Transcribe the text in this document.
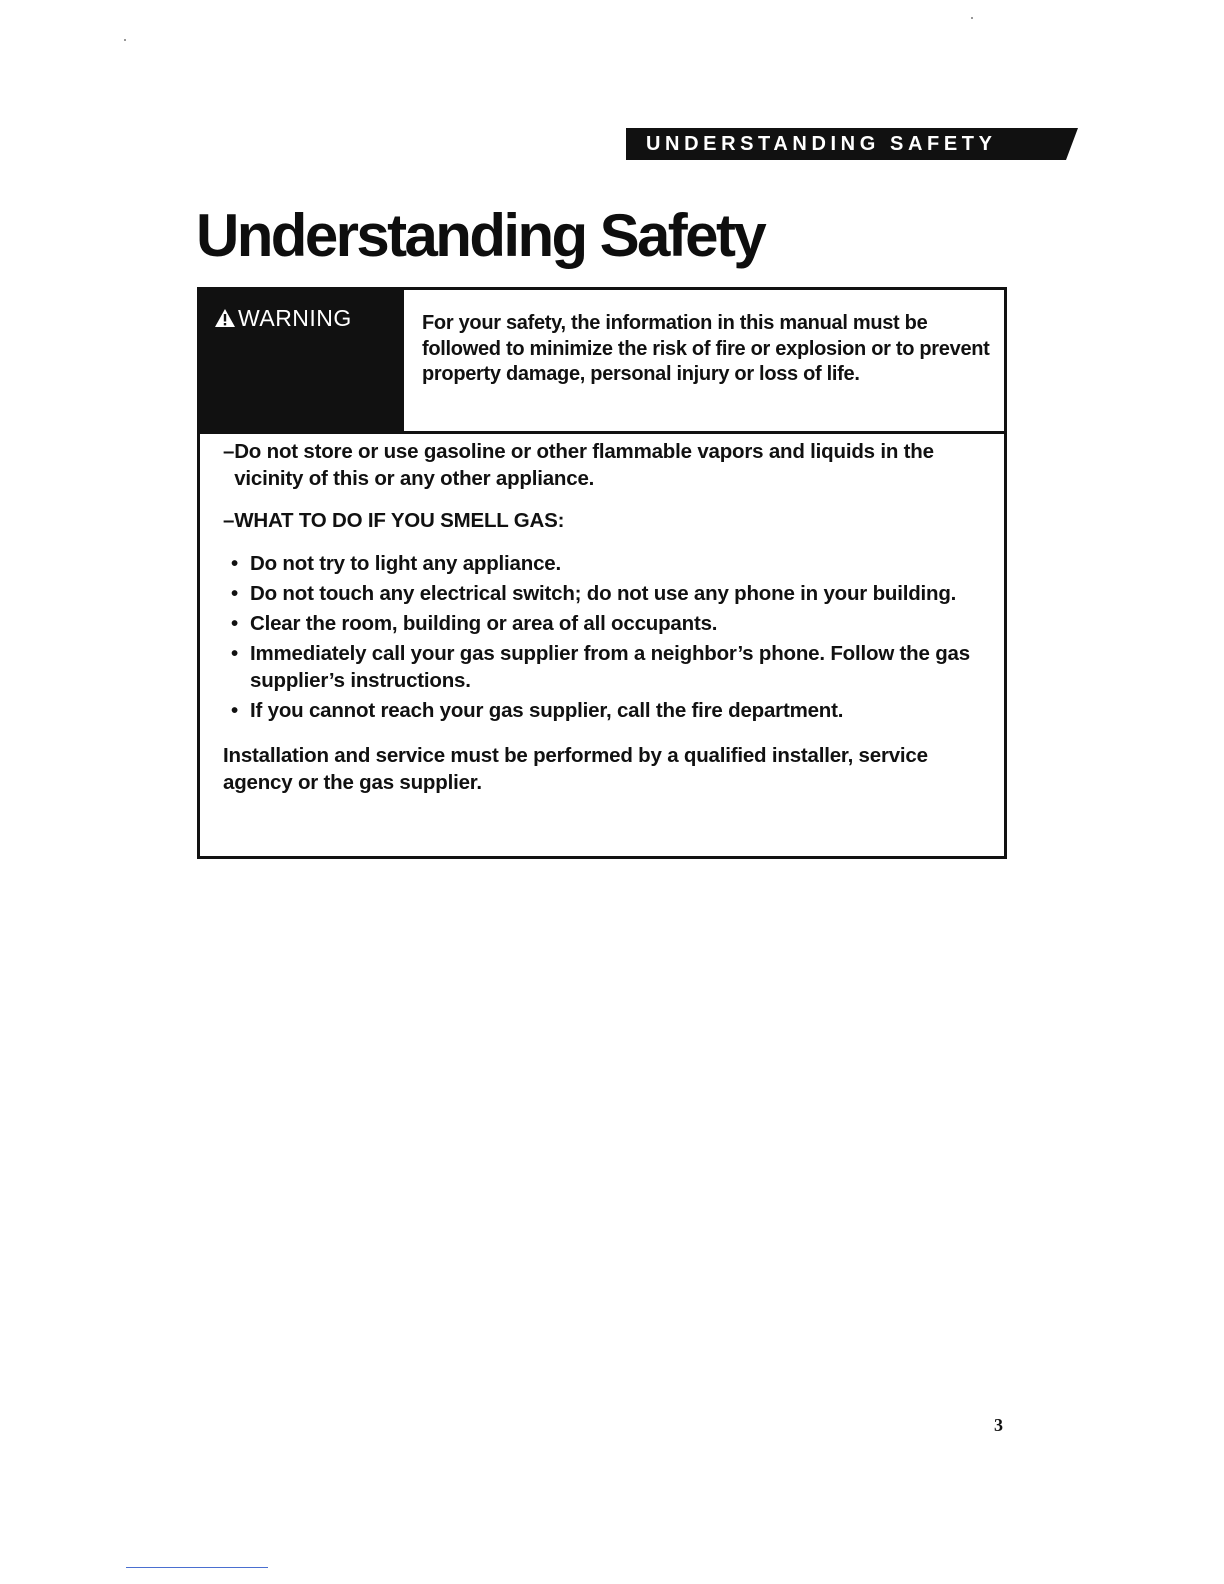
UNDERSTANDING SAFETY
Understanding Safety
WARNING	For your safety, the information in this manual must be followed to minimize the risk of fire or explosion or to prevent property damage, personal injury or loss of life.
– Do not store or use gasoline or other flammable vapors and liquids in the vicinity of this or any other appliance.

–WHAT TO DO IF YOU SMELL GAS:

• Do not try to light any appliance.
• Do not touch any electrical switch; do not use any phone in your building.
• Clear the room, building or area of all occupants.
• Immediately call your gas supplier from a neighbor’s phone. Follow the gas supplier’s instructions.
• If you cannot reach your gas supplier, call the fire department.

Installation and service must be performed by a qualified installer, service agency or the gas supplier.

3
